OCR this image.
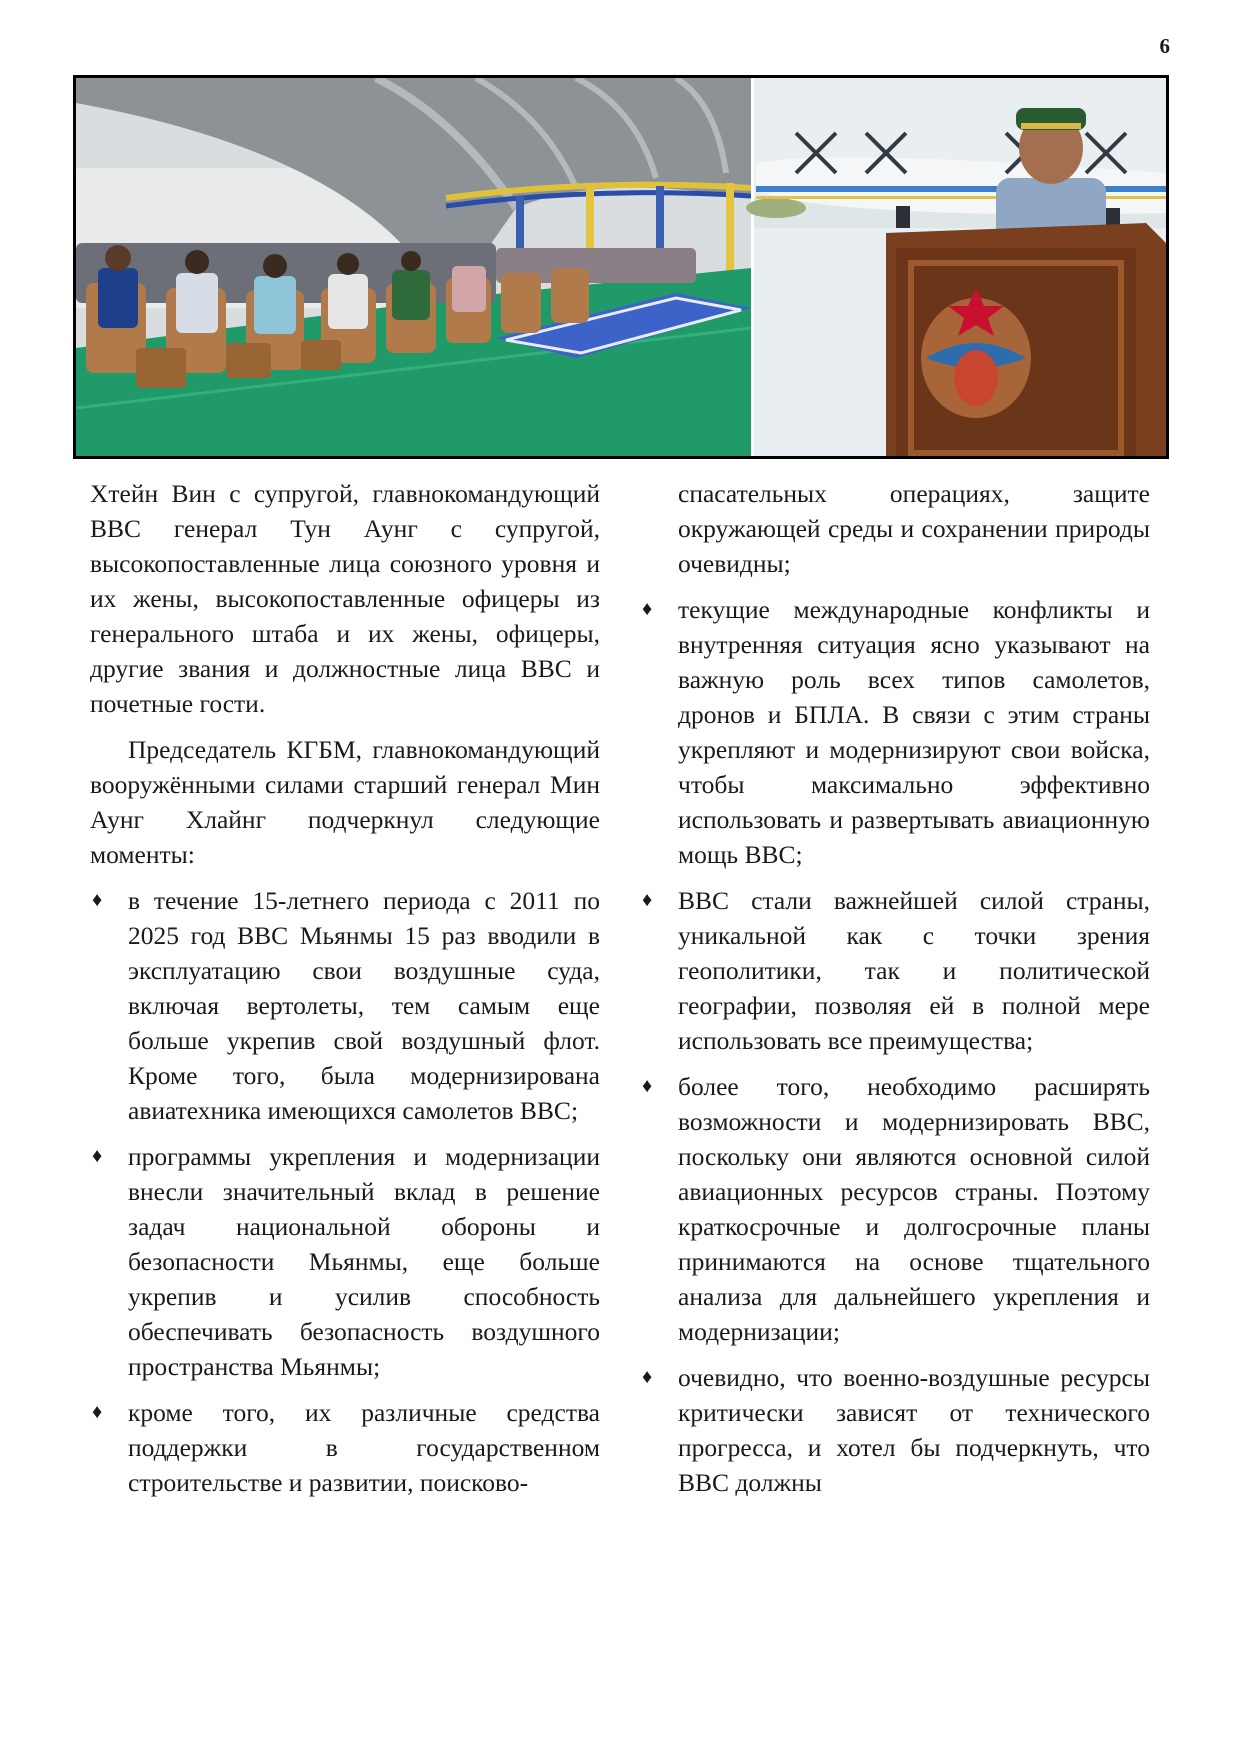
6

Хтейн Вин с супругой, главнокомандующий ВВС генерал Тун Аунг с супругой, высокопоставленные лица союзного уровня и их жены, высокопоставленные офицеры из генерального штаба и их жены, офицеры, другие звания и должностные лица ВВС и почетные гости.

Председатель КГБМ, главнокомандующий вооружёнными силами старший генерал Мин Аунг Хлайнг подчеркнул следующие моменты:

♦ в течение 15-летнего периода с 2011 по 2025 год ВВС Мьянмы 15 раз вводили в эксплуатацию свои воздушные суда, включая вертолеты, тем самым еще больше укрепив свой воздушный флот. Кроме того, была модернизирована авиатехника имеющихся самолетов ВВС;
♦ программы укрепления и модернизации внесли значительный вклад в решение задач национальной обороны и безопасности Мьянмы, еще больше укрепив и усилив способность обеспечивать безопасность воздушного пространства Мьянмы;
♦ кроме того, их различные средства поддержки в государственном строительстве и развитии, поисково-

спасательных операциях, защите окружающей среды и сохранении природы очевидны;

♦ текущие международные конфликты и внутренняя ситуация ясно указывают на важную роль всех типов самолетов, дронов и БПЛА. В связи с этим страны укрепляют и модернизируют свои войска, чтобы максимально эффективно использовать и развертывать авиационную мощь ВВС;
♦ ВВС стали важнейшей силой страны, уникальной как с точки зрения геополитики, так и политической географии, позволяя ей в полной мере использовать все преимущества;
♦ более того, необходимо расширять возможности и модернизировать ВВС, поскольку они являются основной силой авиационных ресурсов страны. Поэтому краткосрочные и долгосрочные планы принимаются на основе тщательного анализа для дальнейшего укрепления и модернизации;
♦ очевидно, что военно-воздушные ресурсы критически зависят от технического прогресса, и хотел бы подчеркнуть, что ВВС должны
